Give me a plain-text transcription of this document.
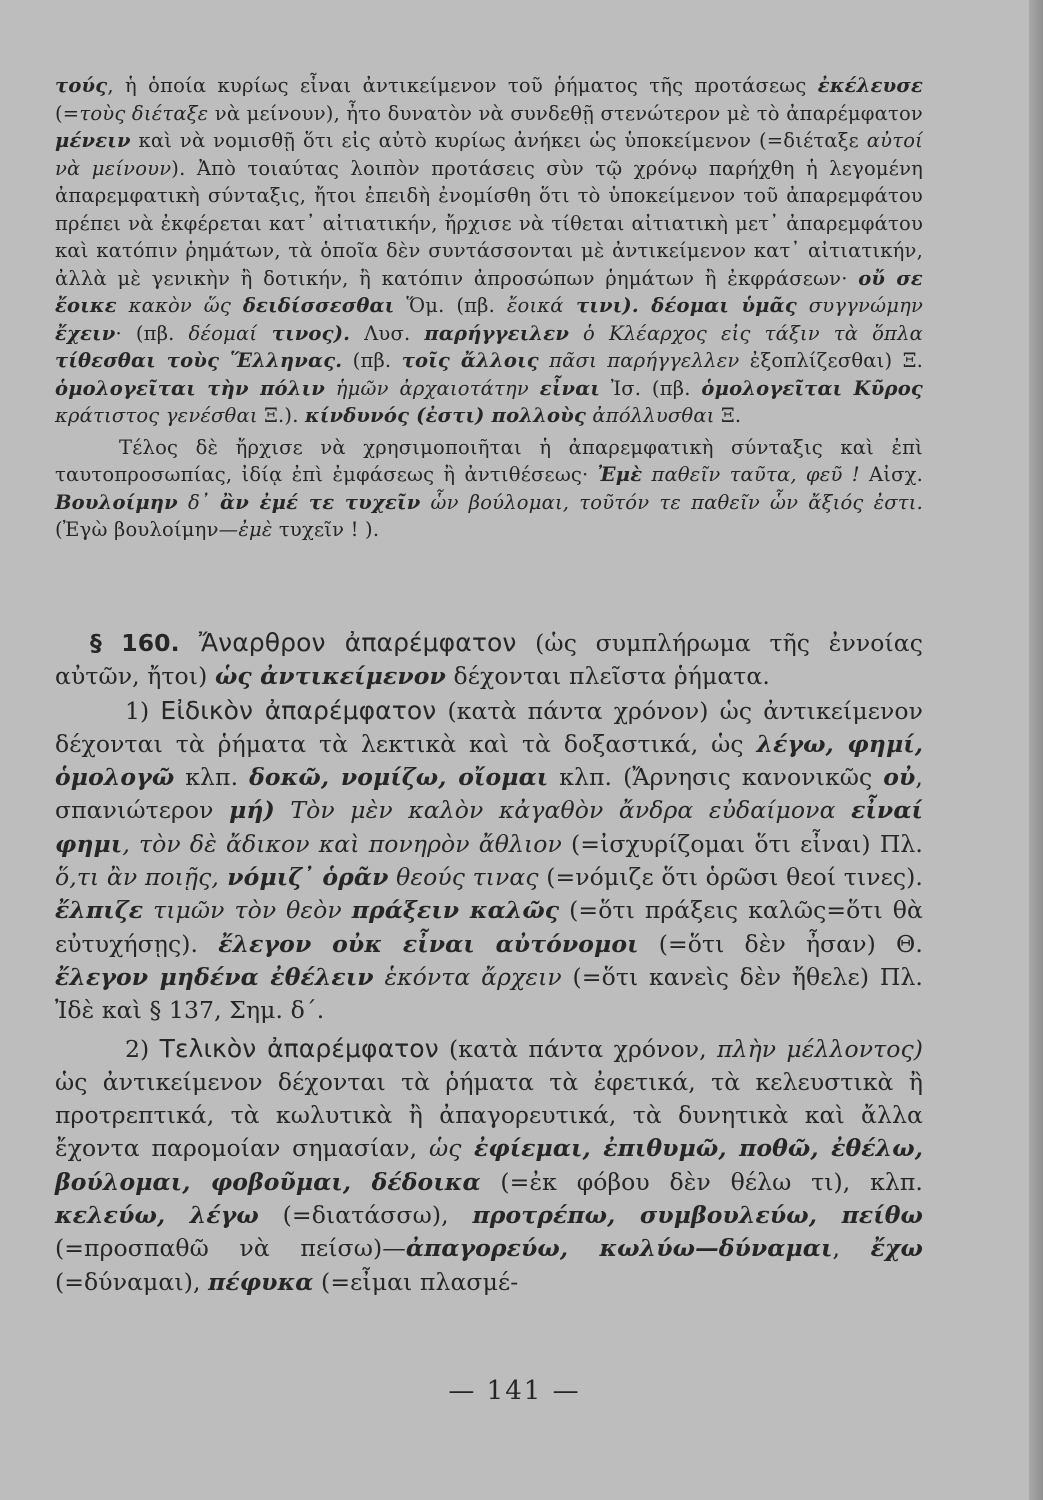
τούς, ἡ ὁποία κυρίως εἶναι ἀντικείμενον τοῦ ῥήματος τῆς προτάσεως ἐκέλευσε (=τοὺς διέταξε νὰ μείνουν), ἦτο δυνατὸν νὰ συνδεθῇ στενώτερον μὲ τὸ ἀπαρέμφατον μένειν καὶ νὰ νομισθῇ ὅτι εἰς αὐτὸ κυρίως ἀνήκει ὡς ὑποκείμενον (=διέταξε αὐτοί νὰ μείνουν). Ἀπὸ τοιαύτας λοιπὸν προτάσεις σὺν τῷ χρόνῳ παρήχθη ἡ λεγομένη ἀπαρεμφατικὴ σύνταξις, ἤτοι ἐπειδὴ ἐνομίσθη ὅτι τὸ ὑποκείμενον τοῦ ἀπαρεμφάτου πρέπει νὰ ἐκφέρεται κατ᾽ αἰτιατικήν, ἤρχισε νὰ τίθεται αἰτιατικὴ μετ᾽ ἀπαρεμφάτου καὶ κατόπιν ῥημάτων, τὰ ὁποῖα δὲν συντάσσονται μὲ ἀντικείμενον κατ᾽ αἰτιατικήν, ἀλλὰ μὲ γενικὴν ἢ δοτικήν, ἢ κατόπιν ἀπροσώπων ῥημάτων ἢ ἐκφράσεων· οὔ σε ἔοικε κακὸν ὥς δειδίσσεσθαι Ὅμ. (πβ. ἔοικά τινι). δέομαι ὑμᾶς συγγνώμην ἔχειν· (πβ. δέομαί τινος). Λυσ. παρήγγειλεν ὁ Κλέαρχος εἰς τάξιν τὰ ὅπλα τίθεσθαι τοὺς Ἕλληνας. (πβ. τοῖς ἄλλοις πᾶσι παρήγγελλεν ἐξοπλίζεσθαι) Ξ. ὁμολογεῖται τὴν πόλιν ἡμῶν ἀρχαιοτάτην εἶναι Ἰσ. (πβ. ὁμολογεῖται Κῦρος κράτιστος γενέσθαι Ξ.). κίνδυνός (ἐστι) πολλοὺς ἀπόλλυσθαι Ξ.

Τέλος δὲ ἤρχισε νὰ χρησιμοποιῆται ἡ ἀπαρεμφατικὴ σύνταξις καὶ ἐπὶ ταυτοπροσωπίας, ἰδίᾳ ἐπὶ ἐμφάσεως ἢ ἀντιθέσεως· Ἐμὲ παθεῖν ταῦτα, φεῦ ! Αἰσχ. Βουλοίμην δ᾽ ἂν ἐμέ τε τυχεῖν ὧν βούλομαι, τοῦτόν τε παθεῖν ὧν ἄξιός ἐστι. (Ἐγὼ βουλοίμην—ἐμὲ τυχεῖν ! ).

§ 160. Ἄναρθρον ἀπαρέμφατον (ὡς συμπλήρωμα τῆς ἐννοίας αὐτῶν, ἤτοι) ὡς ἀντικείμενον δέχονται πλεῖστα ῥήματα.

1) Εἰδικὸν ἀπαρέμφατον (κατὰ πάντα χρόνον) ὡς ἀντικείμενον δέχονται τὰ ῥήματα τὰ λεκτικὰ καὶ τὰ δοξαστικά, ὡς λέγω, φημί, ὁμολογῶ κλπ. δοκῶ, νομίζω, οἴομαι κλπ. (Ἄρνησις κανονικῶς οὐ, σπανιώτερον μή) Τὸν μὲν καλὸν κἀγαθὸν ἄνδρα εὐδαίμονα εἶναί φημι, τὸν δὲ ἄδικον καὶ πονηρὸν ἄθλιον (=ἰσχυρίζομαι ὅτι εἶναι) Πλ. ὅ,τι ἂν ποιῇς, νόμιζ᾽ ὁρᾶν θεούς τινας (=νόμιζε ὅτι ὁρῶσι θεοί τινες). ἔλπιζε τιμῶν τὸν θεὸν πράξειν καλῶς (=ὅτι πράξεις καλῶς=ὅτι θὰ εὐτυχήσῃς). ἔλεγον οὐκ εἶναι αὐτόνομοι (=ὅτι δὲν ἦσαν) Θ. ἔλεγον μηδένα ἐθέλειν ἑκόντα ἄρχειν (=ὅτι κανεὶς δὲν ἤθελε) Πλ. Ἰδὲ καὶ § 137, Σημ. δ΄.

2) Τελικὸν ἀπαρέμφατον (κατὰ πάντα χρόνον, πλὴν μέλλοντος) ὡς ἀντικείμενον δέχονται τὰ ῥήματα τὰ ἐφετικά, τὰ κελευστικὰ ἢ προτρεπτικά, τὰ κωλυτικὰ ἢ ἀπαγορευτικά, τὰ δυνητικὰ καὶ ἄλλα ἔχοντα παρομοίαν σημασίαν, ὡς ἐφίεμαι, ἐπιθυμῶ, ποθῶ, ἐθέλω, βούλομαι, φοβοῦμαι, δέδοικα (=ἐκ φόβου δὲν θέλω τι), κλπ. κελεύω, λέγω (=διατάσσω), προτρέπω, συμβουλεύω, πείθω (=προσπαθῶ νὰ πείσω)—ἀπαγορεύω, κωλύω—δύναμαι, ἔχω (=δύναμαι), πέφυκα (=εἶμαι πλασμέ-

— 141 —
